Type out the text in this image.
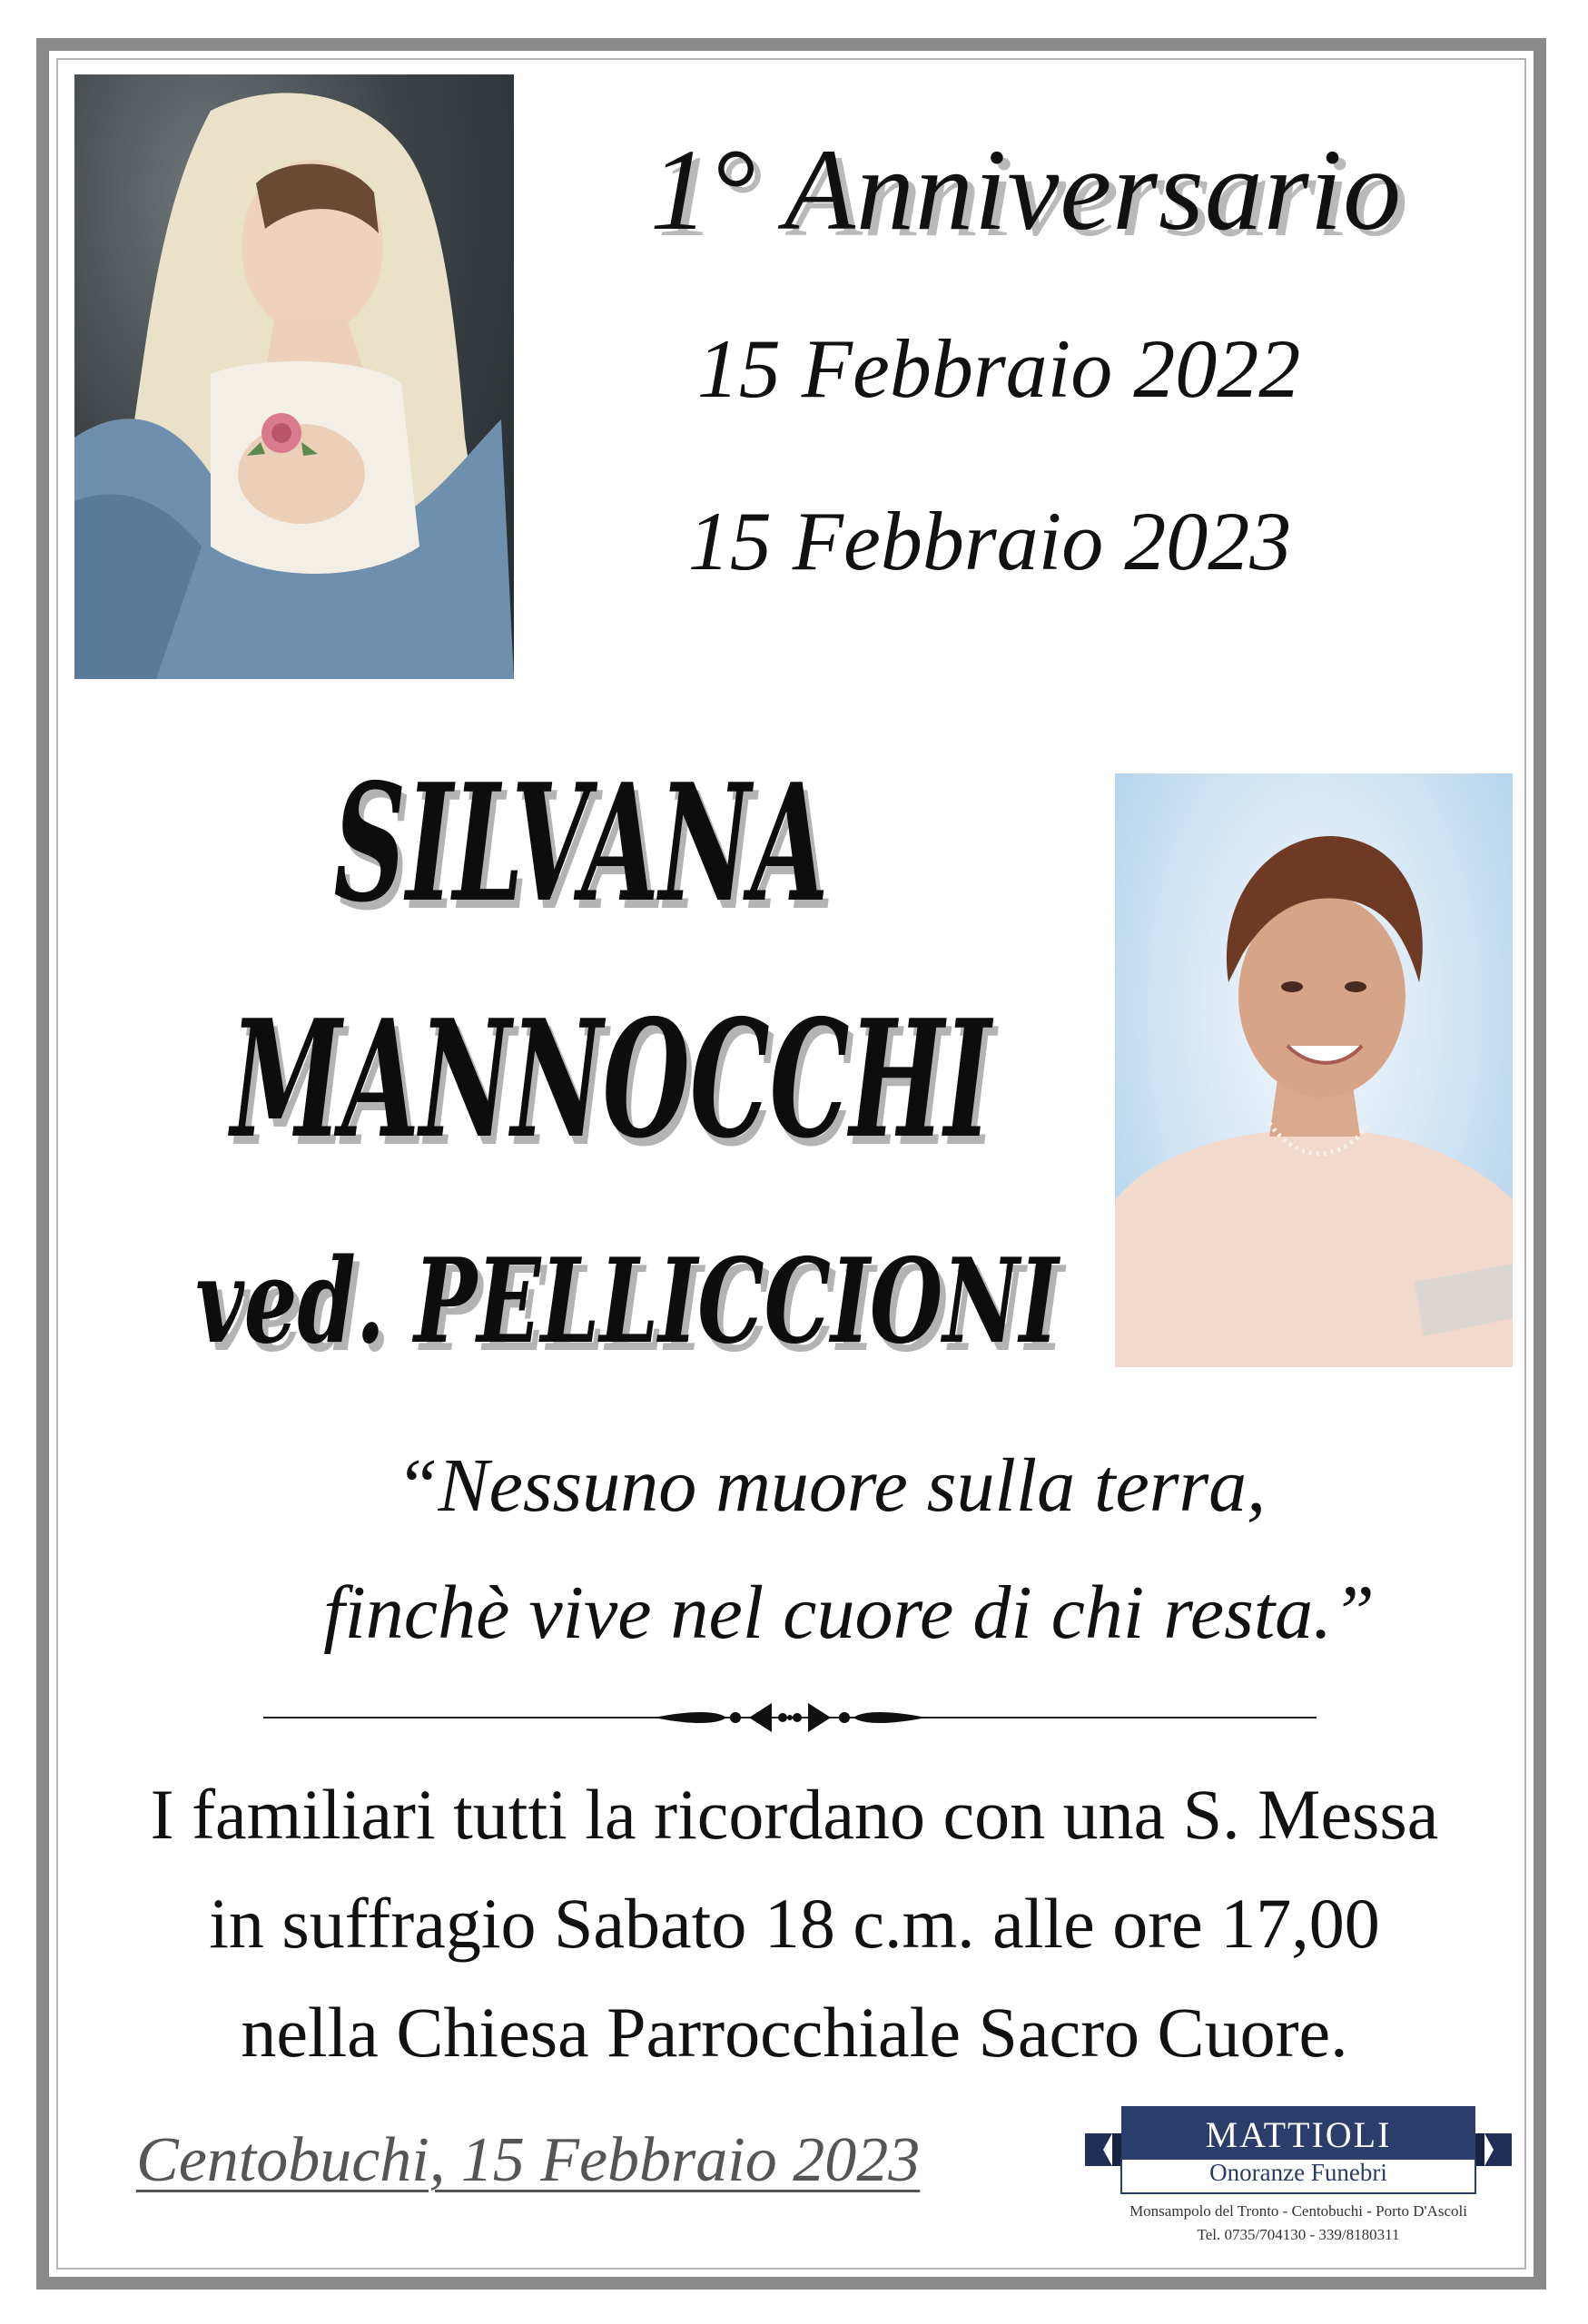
1° Anniversario
15 Febbraio 2022
15 Febbraio 2023
SILVANA
MANNOCCHI
ved. PELLICCIONI
“Nessuno muore sulla terra,
finchè vive nel cuore di chi resta.”
I familiari tutti la ricordano con una S. Messa
in suffragio Sabato 18 c.m. alle ore 17,00
nella Chiesa Parrocchiale Sacro Cuore.
Centobuchi, 15 Febbraio 2023	MATTIOLI
Onoranze Funebri
Monsampolo del Tronto - Centobuchi - Porto D'Ascoli
Tel. 0735/704130 - 339/8180311
